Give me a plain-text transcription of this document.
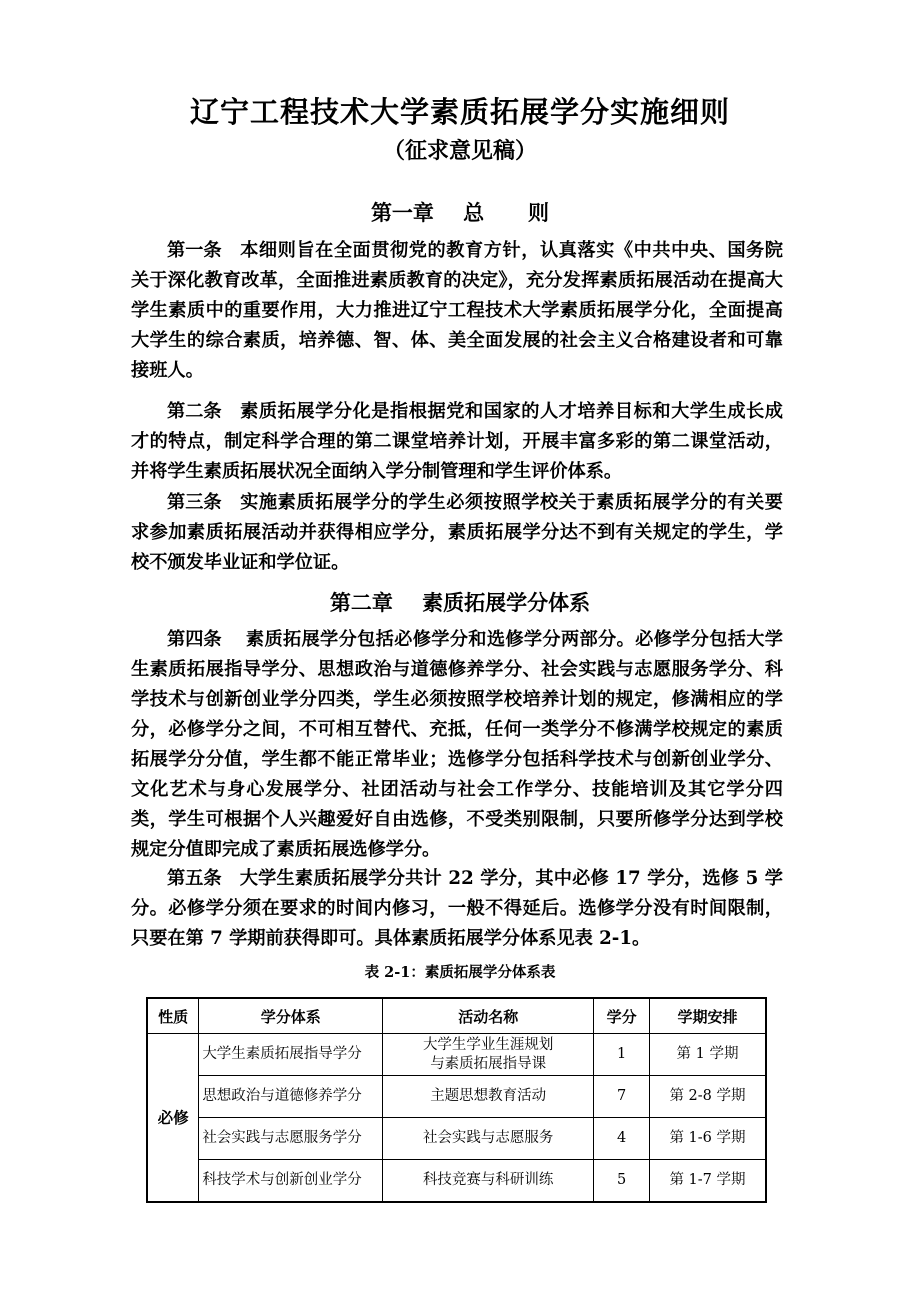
辽宁工程技术大学素质拓展学分实施细则
（征求意见稿）
第一章    总      则
第一条 本细则旨在全面贯彻党的教育方针，认真落实《中共中央、国务院关于深化教育改革，全面推进素质教育的决定》，充分发挥素质拓展活动在提高大学生素质中的重要作用，大力推进辽宁工程技术大学素质拓展学分化，全面提高大学生的综合素质，培养德、智、体、美全面发展的社会主义合格建设者和可靠接班人。
第二条 素质拓展学分化是指根据党和国家的人才培养目标和大学生成长成才的特点，制定科学合理的第二课堂培养计划，开展丰富多彩的第二课堂活动，并将学生素质拓展状况全面纳入学分制管理和学生评价体系。
第三条 实施素质拓展学分的学生必须按照学校关于素质拓展学分的有关要求参加素质拓展活动并获得相应学分，素质拓展学分达不到有关规定的学生，学校不颁发毕业证和学位证。
第二章    素质拓展学分体系
第四条 素质拓展学分包括必修学分和选修学分两部分。必修学分包括大学生素质拓展指导学分、思想政治与道德修养学分、社会实践与志愿服务学分、科学技术与创新创业学分四类，学生必须按照学校培养计划的规定，修满相应的学分，必修学分之间，不可相互替代、充抵，任何一类学分不修满学校规定的素质拓展学分分值，学生都不能正常毕业；选修学分包括科学技术与创新创业学分、文化艺术与身心发展学分、社团活动与社会工作学分、技能培训及其它学分四类，学生可根据个人兴趣爱好自由选修，不受类别限制，只要所修学分达到学校规定分值即完成了素质拓展选修学分。
第五条 大学生素质拓展学分共计 22 学分，其中必修 17 学分，选修 5 学分。必修学分须在要求的时间内修习，一般不得延后。选修学分没有时间限制，只要在第 7 学期前获得即可。具体素质拓展学分体系见表 2-1。
表 2-1：素质拓展学分体系表
性质	学分体系	活动名称	学分	学期安排
必修	大学生素质拓展指导学分	大学生学业生涯规划
与素质拓展指导课	1	第 1 学期
	思想政治与道德修养学分	主题思想教育活动	7	第 2-8 学期
	社会实践与志愿服务学分	社会实践与志愿服务	4	第 1-6 学期
	科技学术与创新创业学分	科技竞赛与科研训练	5	第 1-7 学期
